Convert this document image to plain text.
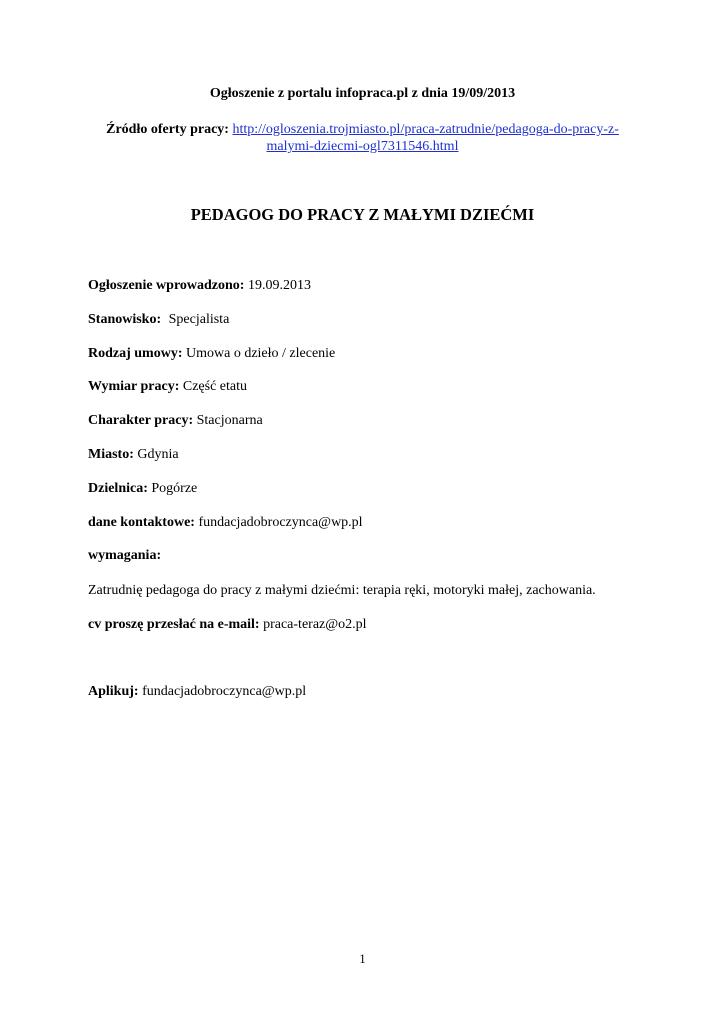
Ogłoszenie z portalu infopraca.pl z dnia 19/09/2013
Źródło oferty pracy: http://ogloszenia.trojmiasto.pl/praca-zatrudnie/pedagoga-do-pracy-z-
malymi-dziecmi-ogl7311546.html
PEDAGOG DO PRACY Z MAŁYMI DZIEĆMI
Ogłoszenie wprowadzono: 19.09.2013
Stanowisko: Specjalista
Rodzaj umowy: Umowa o dzieło / zlecenie
Wymiar pracy: Część etatu
Charakter pracy: Stacjonarna
Miasto: Gdynia
Dzielnica: Pogórze
dane kontaktowe: fundacjadobroczynca@wp.pl
wymagania:
Zatrudnię pedagoga do pracy z małymi dziećmi: terapia ręki, motoryki małej, zachowania.
cv proszę przesłać na e-mail: praca-teraz@o2.pl
Aplikuj: fundacjadobroczynca@wp.pl
1
